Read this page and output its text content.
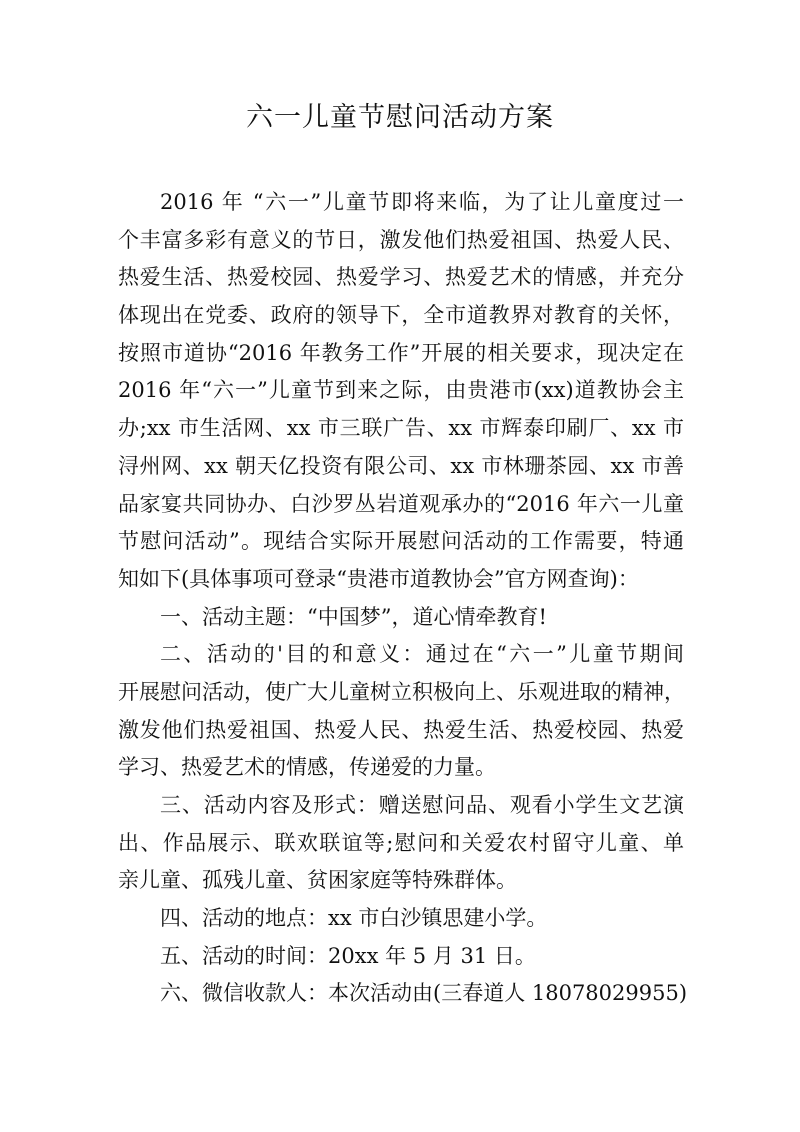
六一儿童节慰问活动方案
2016 年 “六一”儿童节即将来临，为了让儿童度过一
个丰富多彩有意义的节日，激发他们热爱祖国、热爱人民、
热爱生活、热爱校园、热爱学习、热爱艺术的情感，并充分
体现出在党委、政府的领导下，全市道教界对教育的关怀，
按照市道协“2016 年教务工作”开展的相关要求，现决定在
2016 年“六一”儿童节到来之际，由贵港市(xx)道教协会主
办;xx 市生活网、xx 市三联广告、xx 市辉泰印刷厂、xx 市
浔州网、xx 朝天亿投资有限公司、xx 市林珊茶园、xx 市善
品家宴共同协办、白沙罗丛岩道观承办的“2016 年六一儿童
节慰问活动”。现结合实际开展慰问活动的工作需要，特通
知如下(具体事项可登录“贵港市道教协会”官方网查询)：
一、活动主题：“中国梦”，道心情牵教育!
二、活动的'目的和意义：通过在“六一”儿童节期间
开展慰问活动，使广大儿童树立积极向上、乐观进取的精神，
激发他们热爱祖国、热爱人民、热爱生活、热爱校园、热爱
学习、热爱艺术的情感，传递爱的力量。
三、活动内容及形式：赠送慰问品、观看小学生文艺演
出、作品展示、联欢联谊等;慰问和关爱农村留守儿童、单
亲儿童、孤残儿童、贫困家庭等特殊群体。
四、活动的地点：xx 市白沙镇思建小学。
五、活动的时间：20xx 年 5 月 31 日。
六、微信收款人：本次活动由(三春道人 18078029955)
